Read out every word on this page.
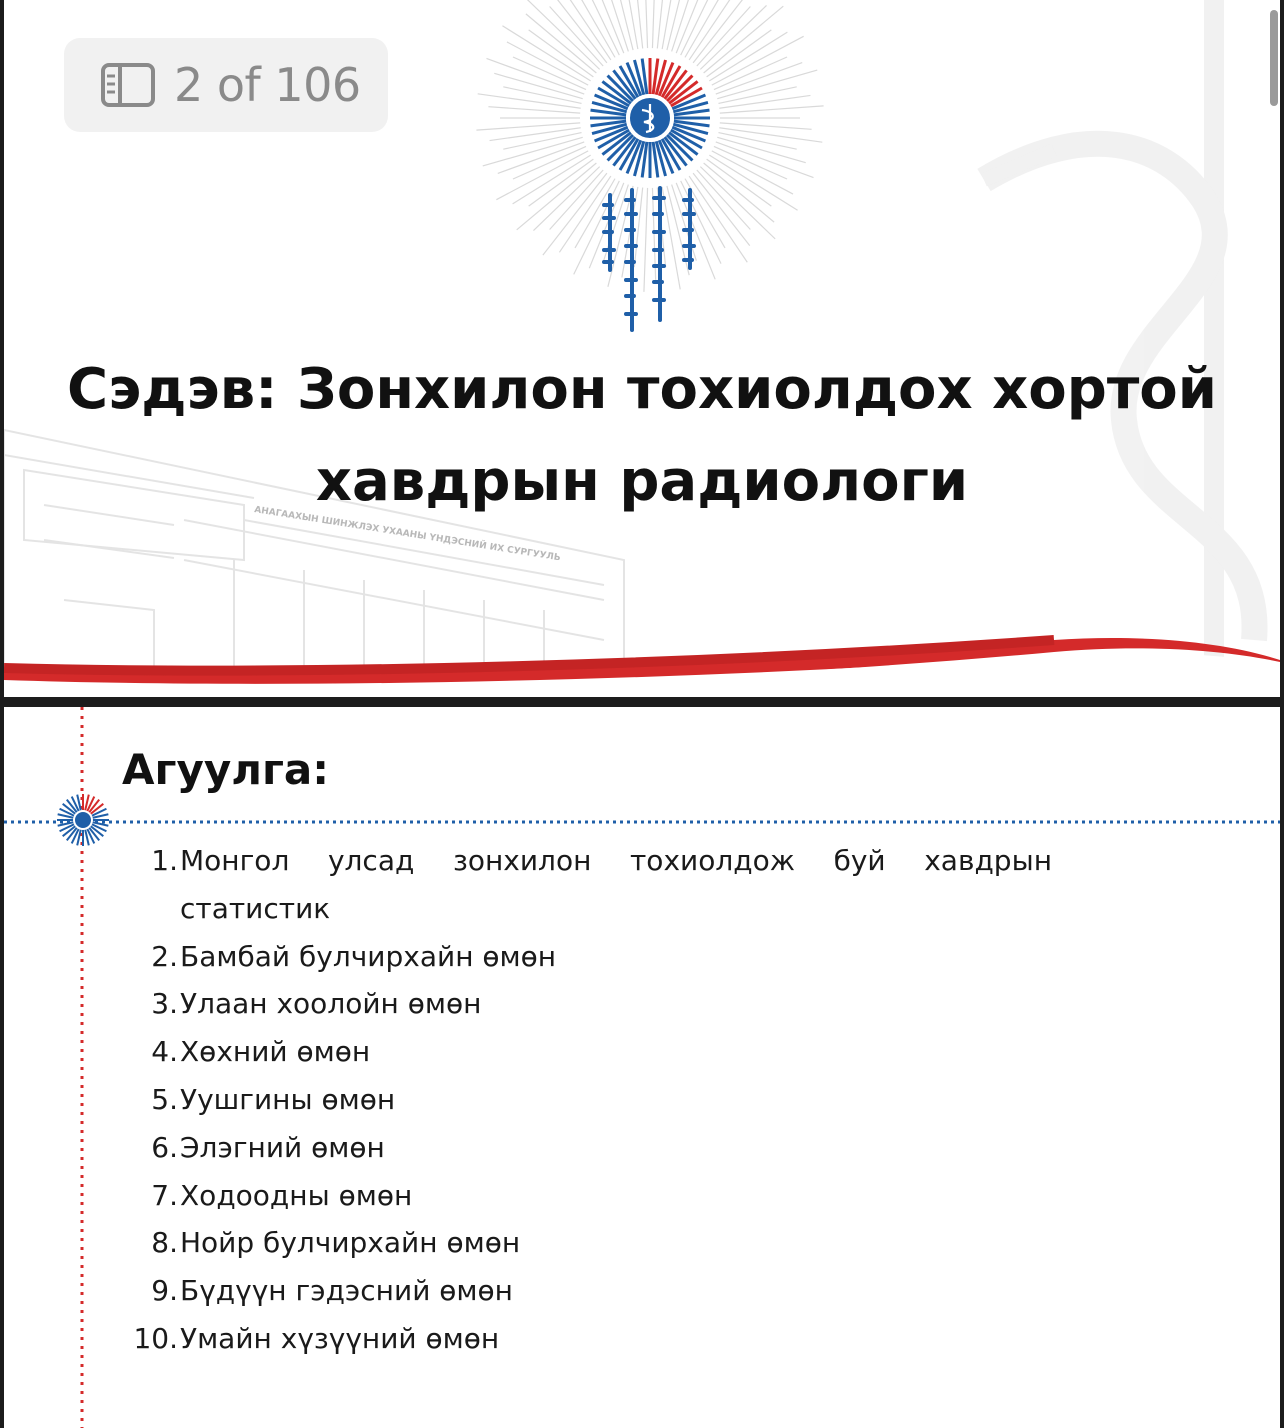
АНАГААХЫН ШИНЖЛЭХ УХААНЫ ҮНДЭСНИЙ ИХ СУРГУУЛЬ
2 of 106
Сэдэв: Зонхилон тохиолдох хортой
хавдрын радиологи
Агуулга:
1. Монгол улсад зонхилон тохиолдож буй хавдрын
статистик
2. Бамбай булчирхайн өмөн
3. Улаан хоолойн өмөн
4. Хөхний өмөн
5. Уушгины өмөн
6. Элэгний өмөн
7. Ходоодны өмөн
8. Нойр булчирхайн өмөн
9. Бүдүүн гэдэсний өмөн
10. Умайн хүзүүний өмөн
